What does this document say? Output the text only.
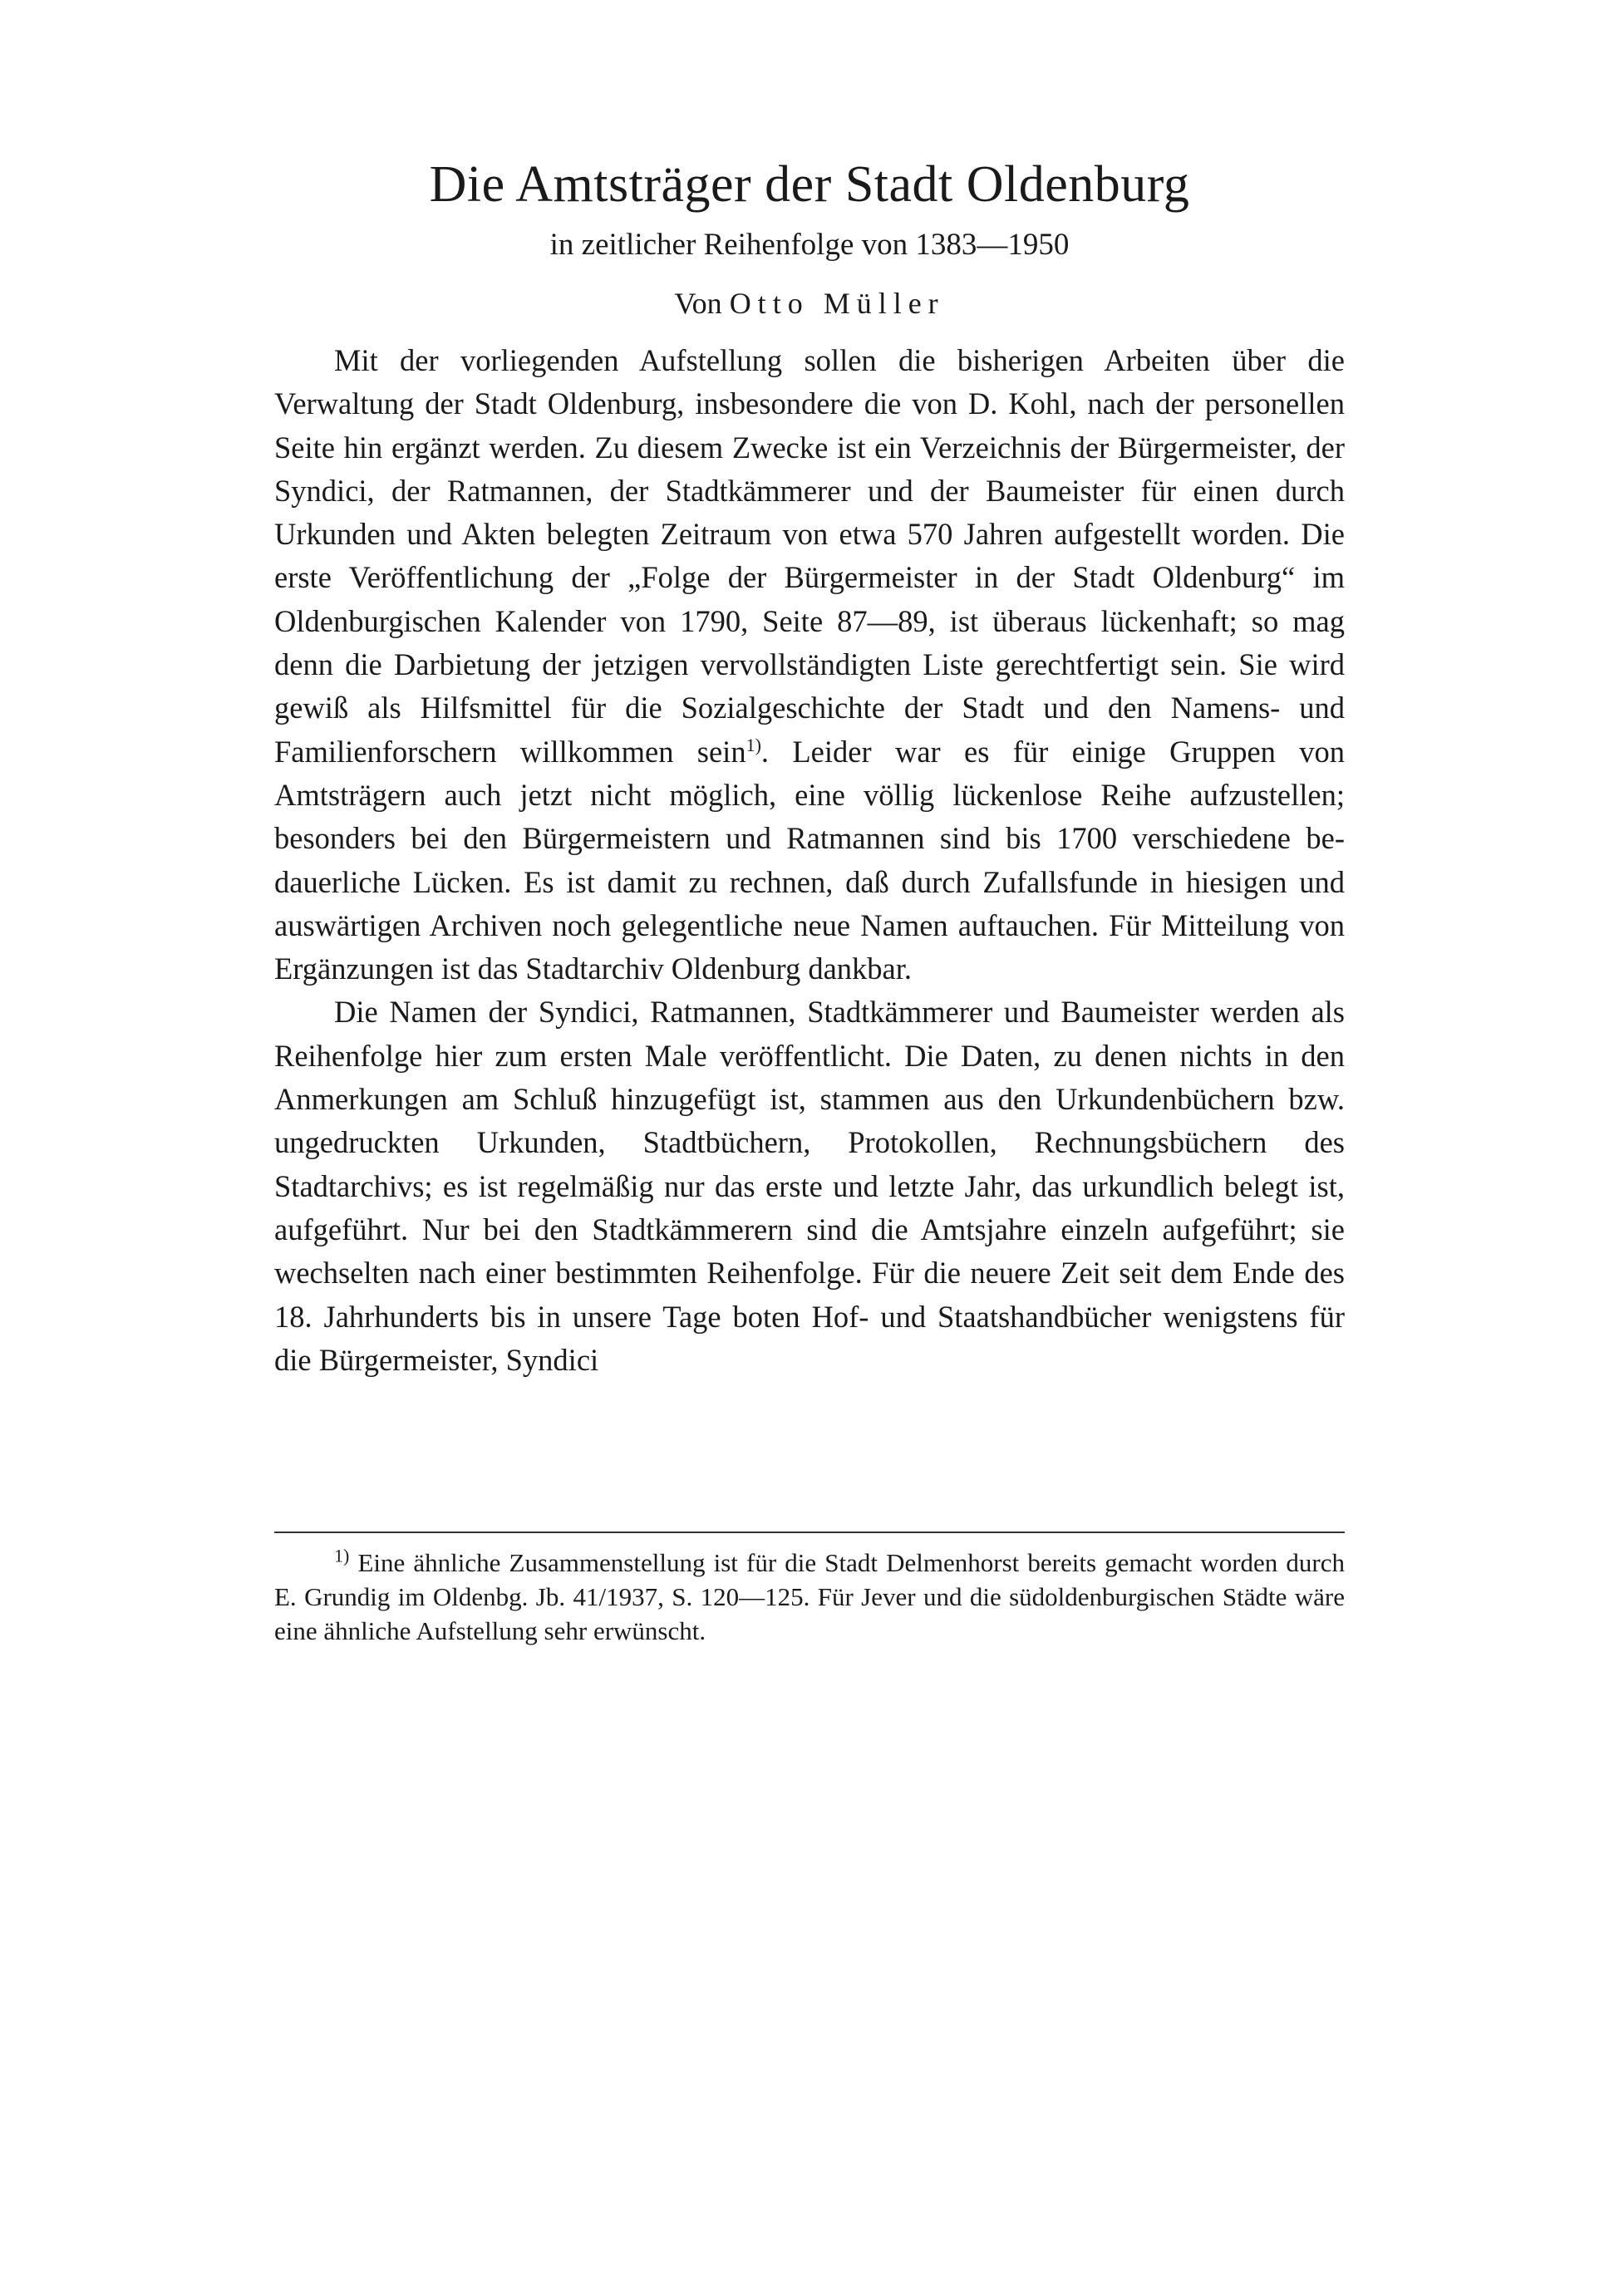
Die Amtsträger der Stadt Oldenburg

in zeitlicher Reihenfolge von 1383—1950

Von Otto Müller

Mit der vorliegenden Aufstellung sollen die bisherigen Arbeiten über die Verwaltung der Stadt Oldenburg, insbesondere die von D. Kohl, nach der personellen Seite hin ergänzt werden. Zu diesem Zwecke ist ein Verzeichnis der Bürgermeister, der Syndici, der Ratmannen, der Stadtkämmerer und der Baumeister für einen durch Urkunden und Akten belegten Zeitraum von etwa 570 Jahren aufgestellt worden. Die erste Veröffentlichung der „Folge der Bürgermeister in der Stadt Oldenburg“ im Oldenburgischen Kalender von 1790, Seite 87—89, ist überaus lückenhaft; so mag denn die Darbietung der jetzigen vervollständigten Liste gerechtfertigt sein. Sie wird gewiß als Hilfsmittel für die Sozialgeschichte der Stadt und den Namens- und Familienforschern willkommen sein$^{1)}$. Leider war es für einige Gruppen von Amtsträgern auch jetzt nicht möglich, eine völlig lückenlose Reihe aufzustellen; besonders bei den Bürgermeistern und Ratmannen sind bis 1700 verschiedene bedauerliche Lücken. Es ist damit zu rechnen, daß durch Zufallsfunde in hiesigen und auswärtigen Archiven noch gelegentliche neue Namen auftauchen. Für Mitteilung von Ergänzungen ist das Stadtarchiv Oldenburg dankbar.

Die Namen der Syndici, Ratmannen, Stadtkämmerer und Baumeister werden als Reihenfolge hier zum ersten Male veröffentlicht. Die Daten, zu denen nichts in den Anmerkungen am Schluß hinzugefügt ist, stammen aus den Urkundenbüchern bzw. ungedruckten Urkunden, Stadtbüchern, Protokollen, Rechnungsbüchern des Stadtarchivs; es ist regelmäßig nur das erste und letzte Jahr, das urkundlich belegt ist, aufgeführt. Nur bei den Stadtkämmerern sind die Amtsjahre einzeln aufgeführt; sie wechselten nach einer bestimmten Reihenfolge. Für die neuere Zeit seit dem Ende des 18. Jahrhunderts bis in unsere Tage boten Hof- und Staatshandbücher wenigstens für die Bürgermeister, Syndici

$^{1)}$ Eine ähnliche Zusammenstellung ist für die Stadt Delmenhorst bereits gemacht worden durch E. Grundig im Oldenbg. Jb. 41/1937, S. 120—125. Für Jever und die südoldenburgischen Städte wäre eine ähnliche Aufstellung sehr erwünscht.
